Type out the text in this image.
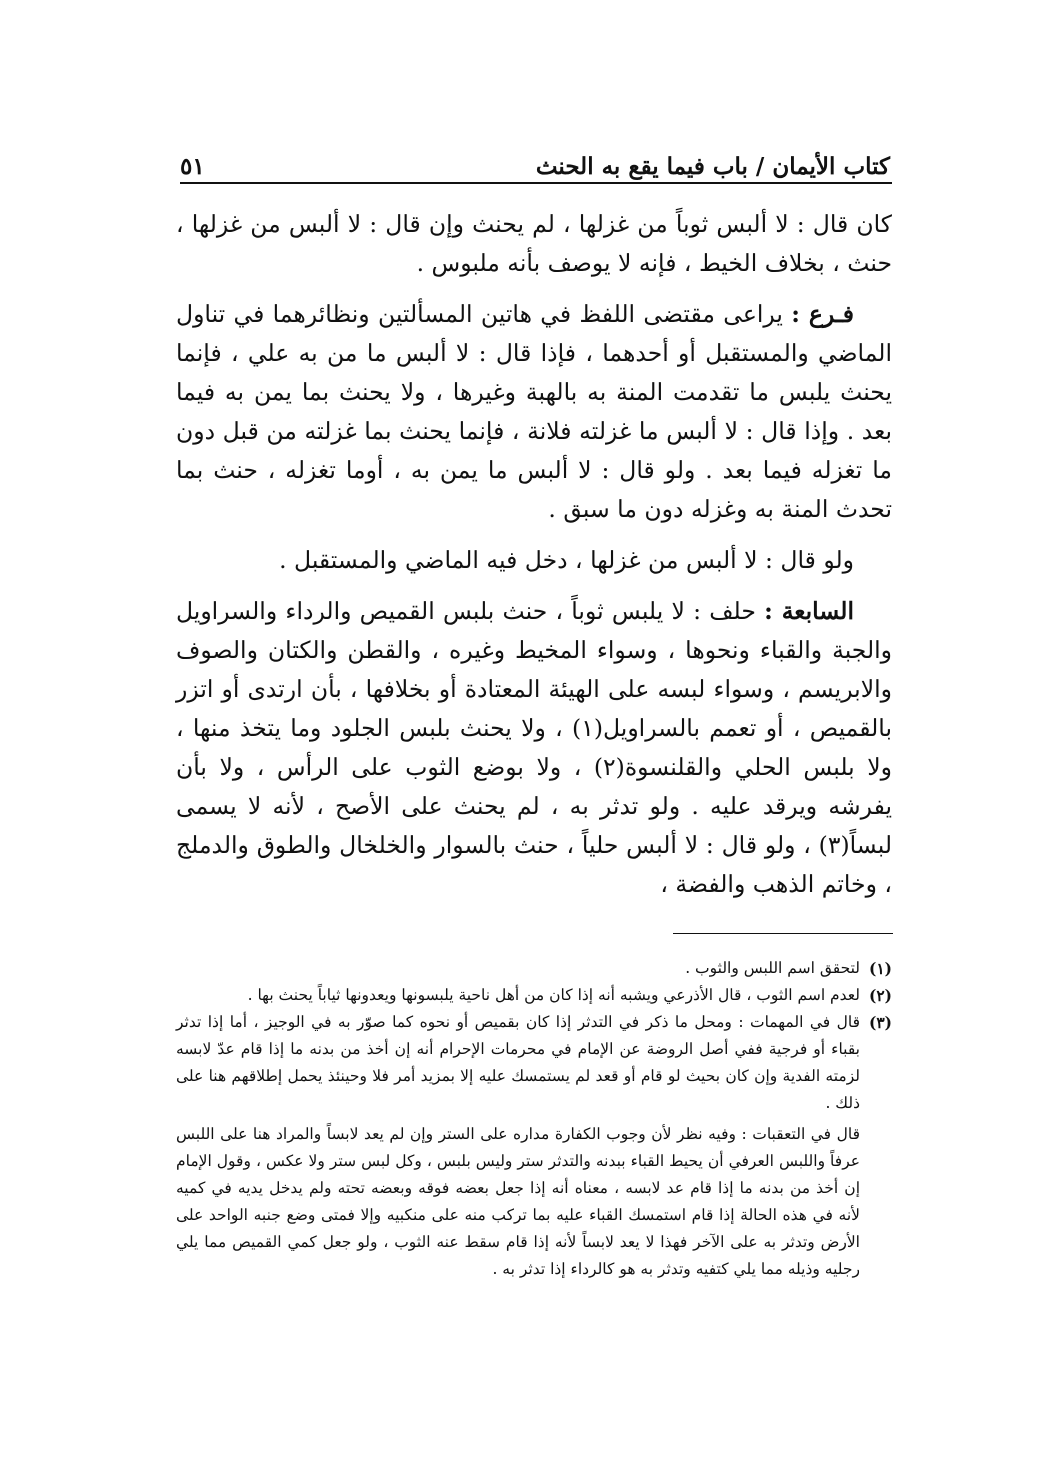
كتاب الأيمان / باب فيما يقع به الحنث
٥١

كان قال : لا ألبس ثوباً من غزلها ، لم يحنث وإن قال : لا ألبس من غزلها ، حنث ، بخلاف الخيط ، فإنه لا يوصف بأنه ملبوس .

فـرع : يراعى مقتضى اللفظ في هاتين المسألتين ونظائرهما في تناول الماضي والمستقبل أو أحدهما ، فإذا قال : لا ألبس ما من به علي ، فإنما يحنث يلبس ما تقدمت المنة به بالهبة وغيرها ، ولا يحنث بما يمن به فيما بعد . وإذا قال : لا ألبس ما غزلته فلانة ، فإنما يحنث بما غزلته من قبل دون ما تغزله فيما بعد . ولو قال : لا ألبس ما يمن به ، أوما تغزله ، حنث بما تحدث المنة به وغزله دون ما سبق .

ولو قال : لا ألبس من غزلها ، دخل فيه الماضي والمستقبل .

السابعة : حلف : لا يلبس ثوباً ، حنث بلبس القميص والرداء والسراويل والجبة والقباء ونحوها ، وسواء المخيط وغيره ، والقطن والكتان والصوف والابريسم ، وسواء لبسه على الهيئة المعتادة أو بخلافها ، بأن ارتدى أو اتزر بالقميص ، أو تعمم بالسراويل(١) ، ولا يحنث بلبس الجلود وما يتخذ منها ، ولا بلبس الحلي والقلنسوة(٢) ، ولا بوضع الثوب على الرأس ، ولا بأن يفرشه ويرقد عليه . ولو تدثر به ، لم يحنث على الأصح ، لأنه لا يسمى لبساً(٣) ، ولو قال : لا ألبس حلياً ، حنث بالسوار والخلخال والطوق والدملج ، وخاتم الذهب والفضة ،

(١)
لتحقق اسم اللبس والثوب .
(٢)
لعدم اسم الثوب ، قال الأذرعي ويشبه أنه إذا كان من أهل ناحية يلبسونها ويعدونها ثياباً يحنث بها .
(٣)
قال في المهمات : ومحل ما ذكر في التدثر إذا كان بقميص أو نحوه كما صوّر به في الوجيز ، أما إذا تدثر بقباء أو فرجية ففي أصل الروضة عن الإمام في محرمات الإحرام أنه إن أخذ من بدنه ما إذا قام عدّ لابسه لزمته الفدية وإن كان بحيث لو قام أو قعد لم يستمسك عليه إلا بمزيد أمر فلا وحينئذ يحمل إطلاقهم هنا على ذلك .

قال في التعقبات : وفيه نظر لأن وجوب الكفارة مداره على الستر وإن لم يعد لابساً والمراد هنا على اللبس عرفاً واللبس العرفي أن يحيط القباء ببدنه والتدثر ستر وليس بلبس ، وكل لبس ستر ولا عكس ، وقول الإمام إن أخذ من بدنه ما إذا قام عد لابسه ، معناه أنه إذا جعل بعضه فوقه وبعضه تحته ولم يدخل يديه في كميه لأنه في هذه الحالة إذا قام استمسك القباء عليه بما تركب منه على منكبيه وإلا فمتى وضع جنبه الواحد على الأرض وتدثر به على الآخر فهذا لا يعد لابساً لأنه إذا قام سقط عنه الثوب ، ولو جعل كمي القميص مما يلي رجليه وذيله مما يلي كتفيه وتدثر به هو كالرداء إذا تدثر به .
